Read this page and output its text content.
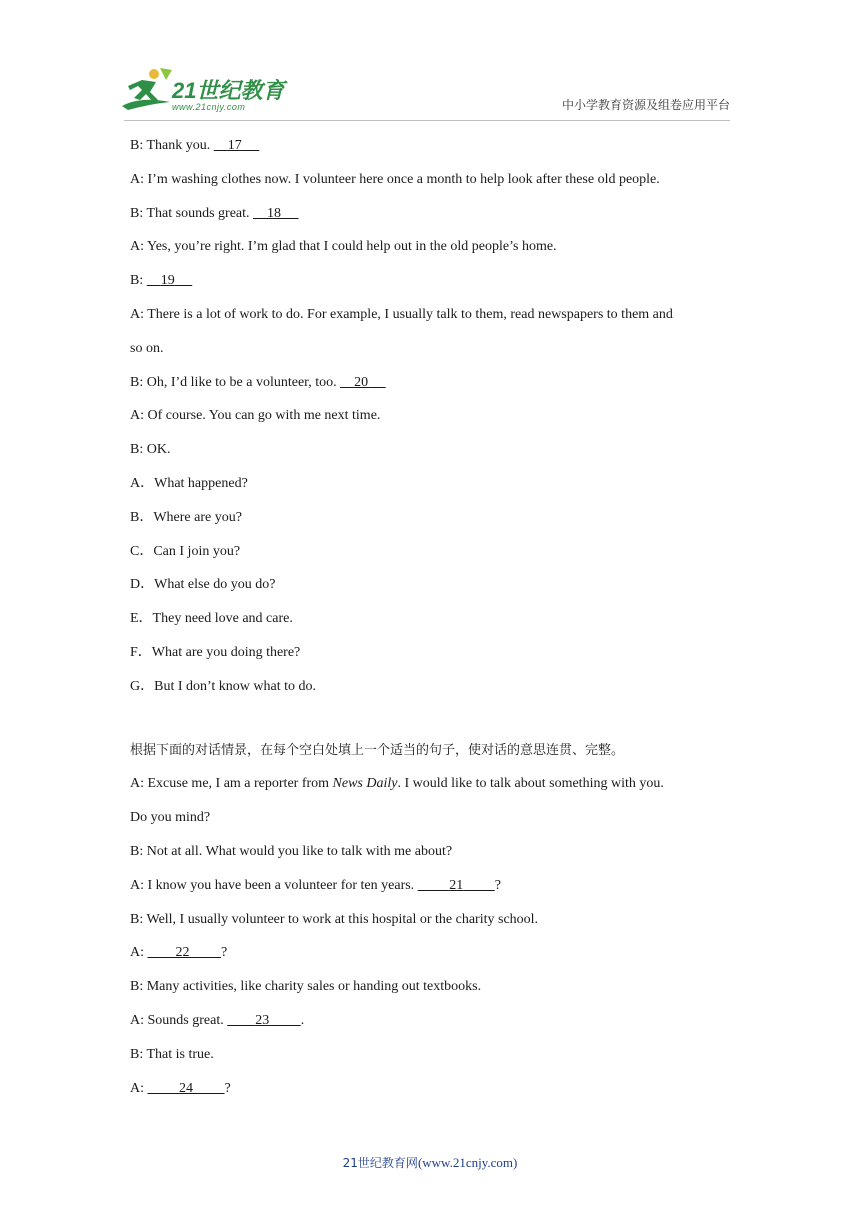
21世纪教育
www.21cnjy.com	中小学教育资源及组卷应用平台

B: Thank you.     17

A: I’m washing clothes now. I volunteer here once a month to help look after these old people.

B: That sounds great.     18

A: Yes, you’re right. I’m glad that I could help out in the old people’s home.

B:     19

A: There is a lot of work to do. For example, I usually talk to them, read newspapers to them and

so on.

B: Oh, I’d like to be a volunteer, too.     20

A: Of course. You can go with me next time.

B: OK.

A．What happened?

B．Where are you?

C．Can I join you?

D．What else do you do?

E．They need love and care.

F．What are you doing there?

G．But I don’t know what to do.

根据下面的对话情景，在每个空白处填上一个适当的句子，使对话的意思连贯、完整。

A: Excuse me, I am a reporter from News Daily. I would like to talk about something with you.

Do you mind?

B: Not at all. What would you like to talk with me about?

A: I know you have been a volunteer for ten years.          21 ?

B: Well, I usually volunteer to work at this hospital or the charity school.

A:         22 ?

B: Many activities, like charity sales or handing out textbooks.

A: Sounds great.         23 .

B: That is true.

A:          24 ?

21世纪教育网(www.21cnjy.com)
